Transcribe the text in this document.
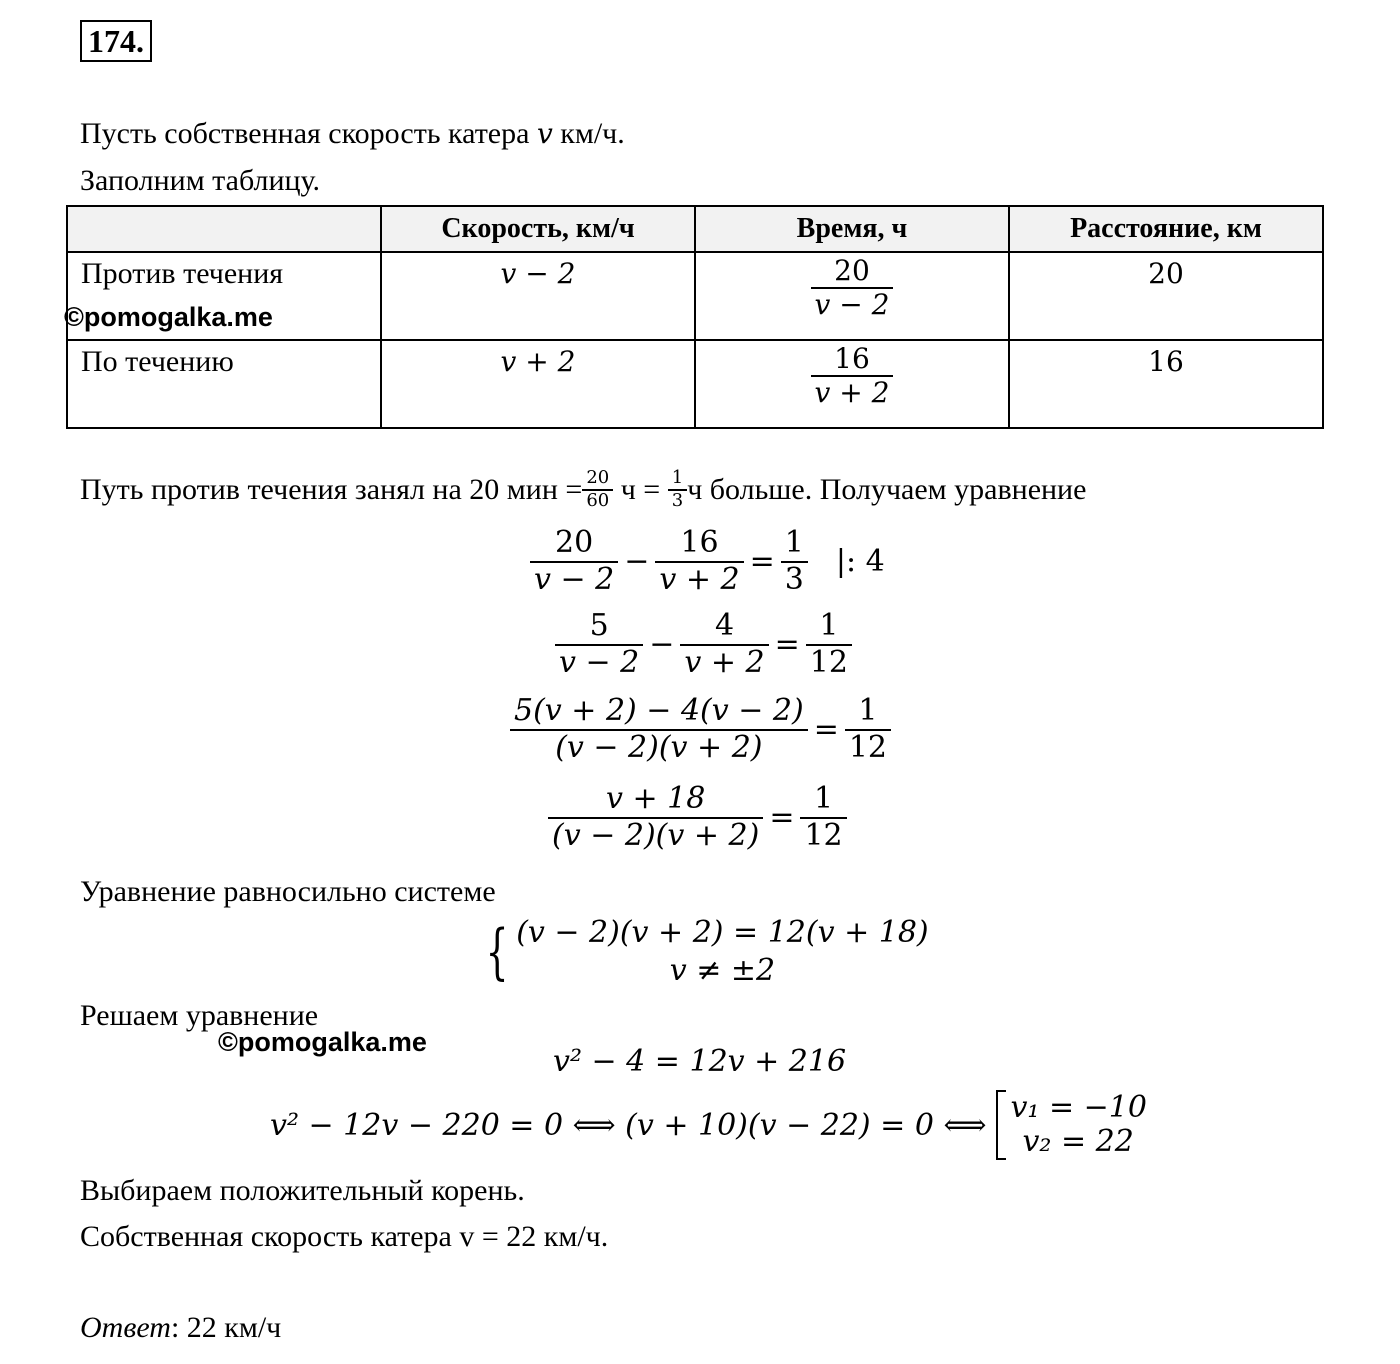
174.
Пусть собственная скорость катера v км/ч.
Заполним таблицу.
	Скорость, км/ч	Время, ч	Расстояние, км
Против течения	v − 2	$\frac{20}{v - 2}$	20

По течению	v + 2	$\frac{16}{v + 2}$	16
©pomogalka.me
Путь против течения занял на 20 мин = $\frac{20}{60}$ $ч = \frac{1}{3}$ ч больше. Получаем уравнение
$\frac{20}{v - 2} - \frac{16}{v + 2} = \frac{1}{3}$ |: 4
$\frac{5}{v - 2} - \frac{4}{v + 2} = \frac{1}{12}$
$\frac{5(v + 2) - 4(v - 2)}{(v - 2)(v + 2)} = \frac{1}{12}$
$\frac{v + 18}{(v - 2)(v + 2)} = \frac{1}{12}$
Уравнение равносильно системе
{ (v − 2)(v + 2) = 12(v + 18)
v ≠ ±2
Решаем уравнение
©pomogalka.me
v² − 4 = 12v + 216
v² − 12v − 220 = 0 ⟺ (v + 10)(v − 22) = 0 ⟺ v₁ = −10
v₂ = 22
Выбираем положительный корень.
Собственная скорость катера v = 22 км/ч.
Ответ: 22 км/ч
